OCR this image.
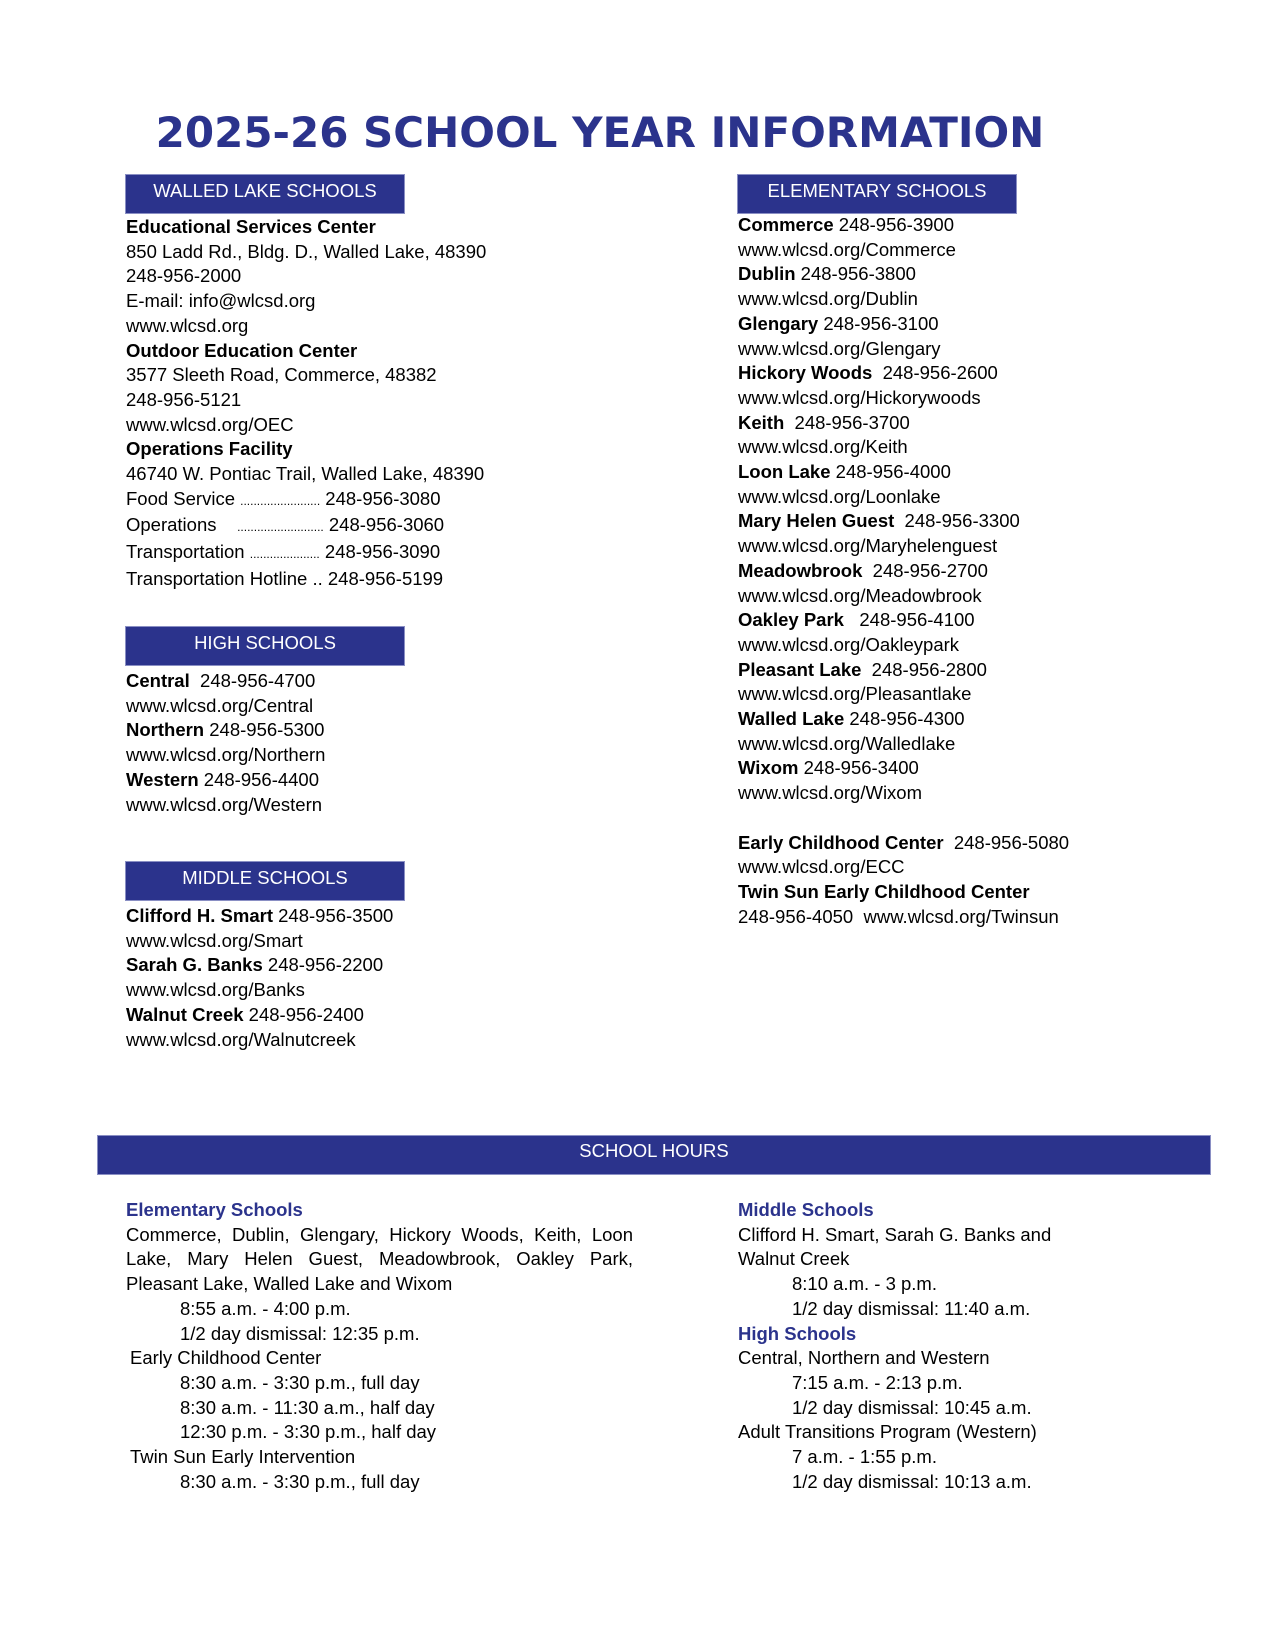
2025-26 SCHOOL YEAR INFORMATION
WALLED LAKE SCHOOLS
Educational Services Center
850 Ladd Rd., Bldg. D., Walled Lake, 48390
248-956-2000
E-mail: info@wlcsd.org
www.wlcsd.org
Outdoor Education Center
3577 Sleeth Road, Commerce, 48382
248-956-5121
www.wlcsd.org/OEC
Operations Facility
46740 W. Pontiac Trail, Walled Lake, 48390
Food Service ........................ 248-956-3080
Operations    .......................... 248-956-3060
Transportation ..................... 248-956-3090
Transportation Hotline .. 248-956-5199
HIGH SCHOOLS
Central  248-956-4700
www.wlcsd.org/Central
Northern 248-956-5300
www.wlcsd.org/Northern
Western 248-956-4400
www.wlcsd.org/Western
MIDDLE SCHOOLS
Clifford H. Smart 248-956-3500
www.wlcsd.org/Smart
Sarah G. Banks 248-956-2200
www.wlcsd.org/Banks
Walnut Creek 248-956-2400
www.wlcsd.org/Walnutcreek
ELEMENTARY SCHOOLS
Commerce 248-956-3900
www.wlcsd.org/Commerce
Dublin 248-956-3800
www.wlcsd.org/Dublin
Glengary 248-956-3100
www.wlcsd.org/Glengary
Hickory Woods  248-956-2600
www.wlcsd.org/Hickorywoods
Keith  248-956-3700
www.wlcsd.org/Keith
Loon Lake 248-956-4000
www.wlcsd.org/Loonlake
Mary Helen Guest  248-956-3300
www.wlcsd.org/Maryhelenguest
Meadowbrook  248-956-2700
www.wlcsd.org/Meadowbrook
Oakley Park   248-956-4100
www.wlcsd.org/Oakleypark
Pleasant Lake  248-956-2800
www.wlcsd.org/Pleasantlake
Walled Lake 248-956-4300
www.wlcsd.org/Walledlake
Wixom 248-956-3400
www.wlcsd.org/Wixom
Early Childhood Center  248-956-5080
www.wlcsd.org/ECC
Twin Sun Early Childhood Center
248-956-4050  www.wlcsd.org/Twinsun
SCHOOL HOURS
Elementary Schools
Commerce, Dublin, Glengary, Hickory Woods, Keith, Loon Lake, Mary Helen Guest, Meadowbrook, Oakley Park, Pleasant Lake, Walled Lake and Wixom
8:55 a.m. - 4:00 p.m.
1/2 day dismissal: 12:35 p.m.
Early Childhood Center
8:30 a.m. - 3:30 p.m., full day
8:30 a.m. - 11:30 a.m., half day
12:30 p.m. - 3:30 p.m., half day
Twin Sun Early Intervention
8:30 a.m. - 3:30 p.m., full day
Middle Schools
Clifford H. Smart, Sarah G. Banks and
Walnut Creek
8:10 a.m. - 3 p.m.
1/2 day dismissal: 11:40 a.m.
High Schools
Central, Northern and Western
7:15 a.m. - 2:13 p.m.
1/2 day dismissal: 10:45 a.m.
Adult Transitions Program (Western)
7 a.m. - 1:55 p.m.
1/2 day dismissal: 10:13 a.m.
